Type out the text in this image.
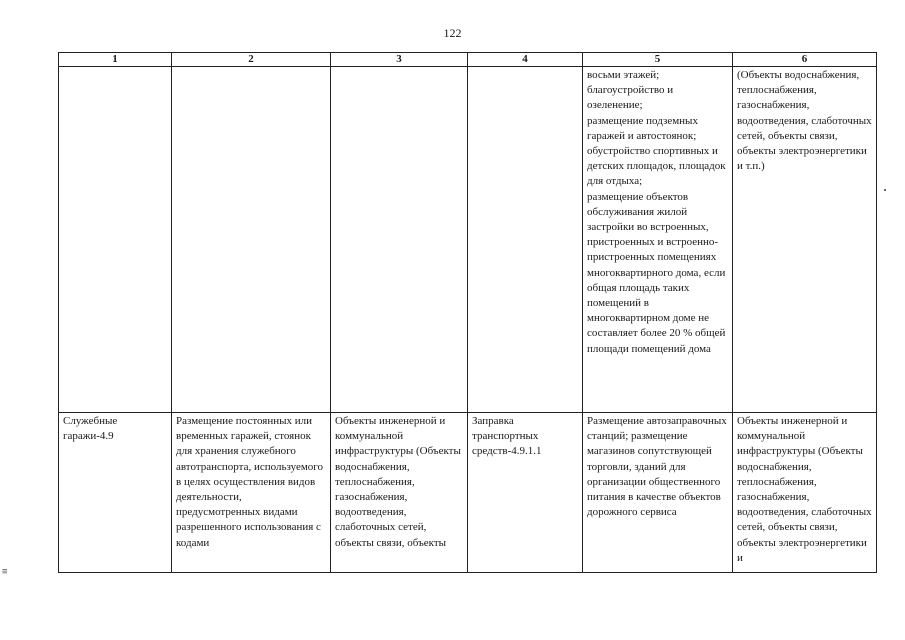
122
1	2	3	4	5	6
				восьми этажей;
благоустройство и озеленение;
размещение подземных гаражей и автостоянок;
обустройство спортивных и детских площадок, площадок для отдыха;
размещение объектов обслуживания жилой застройки во встроенных, пристроенных и встроенно-пристроенных помещениях многоквартирного дома, если общая площадь таких помещений в многоквартирном доме не составляет более 20 % общей площади помещений дома	(Объекты водоснабжения, теплоснабжения, газоснабжения, водоотведения, слаботочных сетей, объекты связи, объекты электроэнергетики и т.п.)
Служебные гаражи-4.9	Размещение постоянных или временных гаражей, стоянок для хранения служебного автотранспорта, используемого в целях осуществления видов деятельности, предусмотренных видами разрешенного использования с кодами	Объекты инженерной и коммунальной инфраструктуры (Объекты водоснабжения, теплоснабжения, газоснабжения, водоотведения, слаботочных сетей, объекты связи, объекты	Заправка транспортных средств-4.9.1.1	Размещение автозаправочных станций; размещение магазинов сопутствующей торговли, зданий для организации общественного питания в качестве объектов дорожного сервиса	Объекты инженерной и коммунальной инфраструктуры (Объекты водоснабжения, теплоснабжения, газоснабжения, водоотведения, слаботочных сетей, объекты связи, объекты электроэнергетики и
≡
